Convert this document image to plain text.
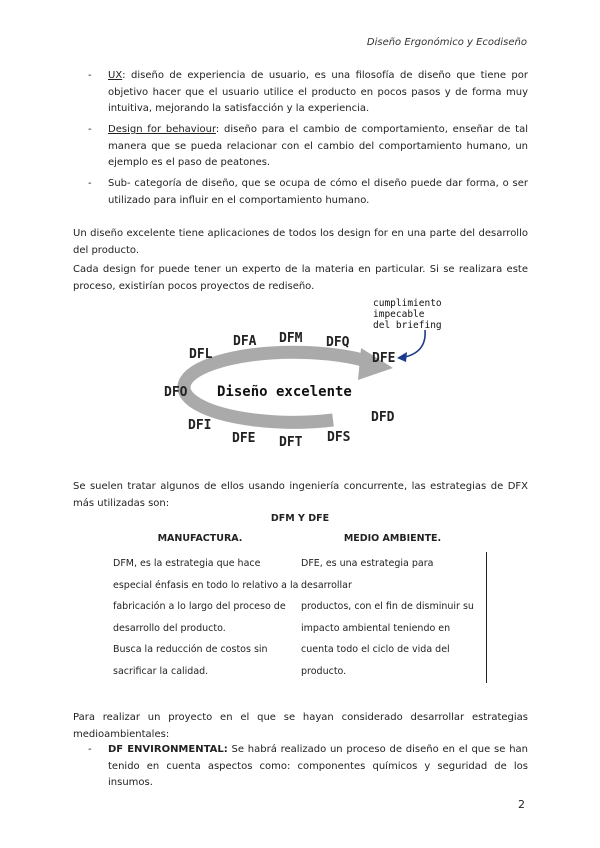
Diseño Ergonómico y Ecodiseño
- UX: diseño de experiencia de usuario, es una filosofía de diseño que tiene por objetivo hacer que el usuario utilice el producto en pocos pasos y de forma muy intuitiva, mejorando la satisfacción y la experiencia.
- Design for behaviour: diseño para el cambio de comportamiento, enseñar de tal manera que se pueda relacionar con el cambio del comportamiento humano, un ejemplo es el paso de peatones.
- Sub- categoría de diseño, que se ocupa de cómo el diseño puede dar forma, o ser utilizado para influir en el comportamiento humano.
Un diseño excelente tiene aplicaciones de todos los design for en una parte del desarrollo del producto.
Cada design for puede tener un experto de la materia en particular. Si se realizara este proceso, existirían pocos proyectos de rediseño.
Diseño excelente
DFL
DFA DFM DFQ
DFE
DFO
DFD
DFI
DFE DFT DFS
cumplimiento
impecable
del briefing
Se suelen tratar algunos de ellos usando ingeniería concurrente, las estrategias de DFX más utilizadas son:
DFM Y DFE
MANUFACTURA.	MEDIO AMBIENTE.
DFM, es la estrategia que hace
especial énfasis en todo lo relativo a la
fabricación a lo largo del proceso de
desarrollo del producto.
Busca la reducción de costos sin
sacrificar la calidad.
DFE, es una estrategia para desarrollar
productos, con el fin de disminuir su
impacto ambiental teniendo en
cuenta todo el ciclo de vida del
producto.
Para realizar un proyecto en el que se hayan considerado desarrollar estrategias medioambientales:
- DF ENVIRONMENTAL: Se habrá realizado un proceso de diseño en el que se han tenido en cuenta aspectos como: componentes químicos y seguridad de los insumos.
2
